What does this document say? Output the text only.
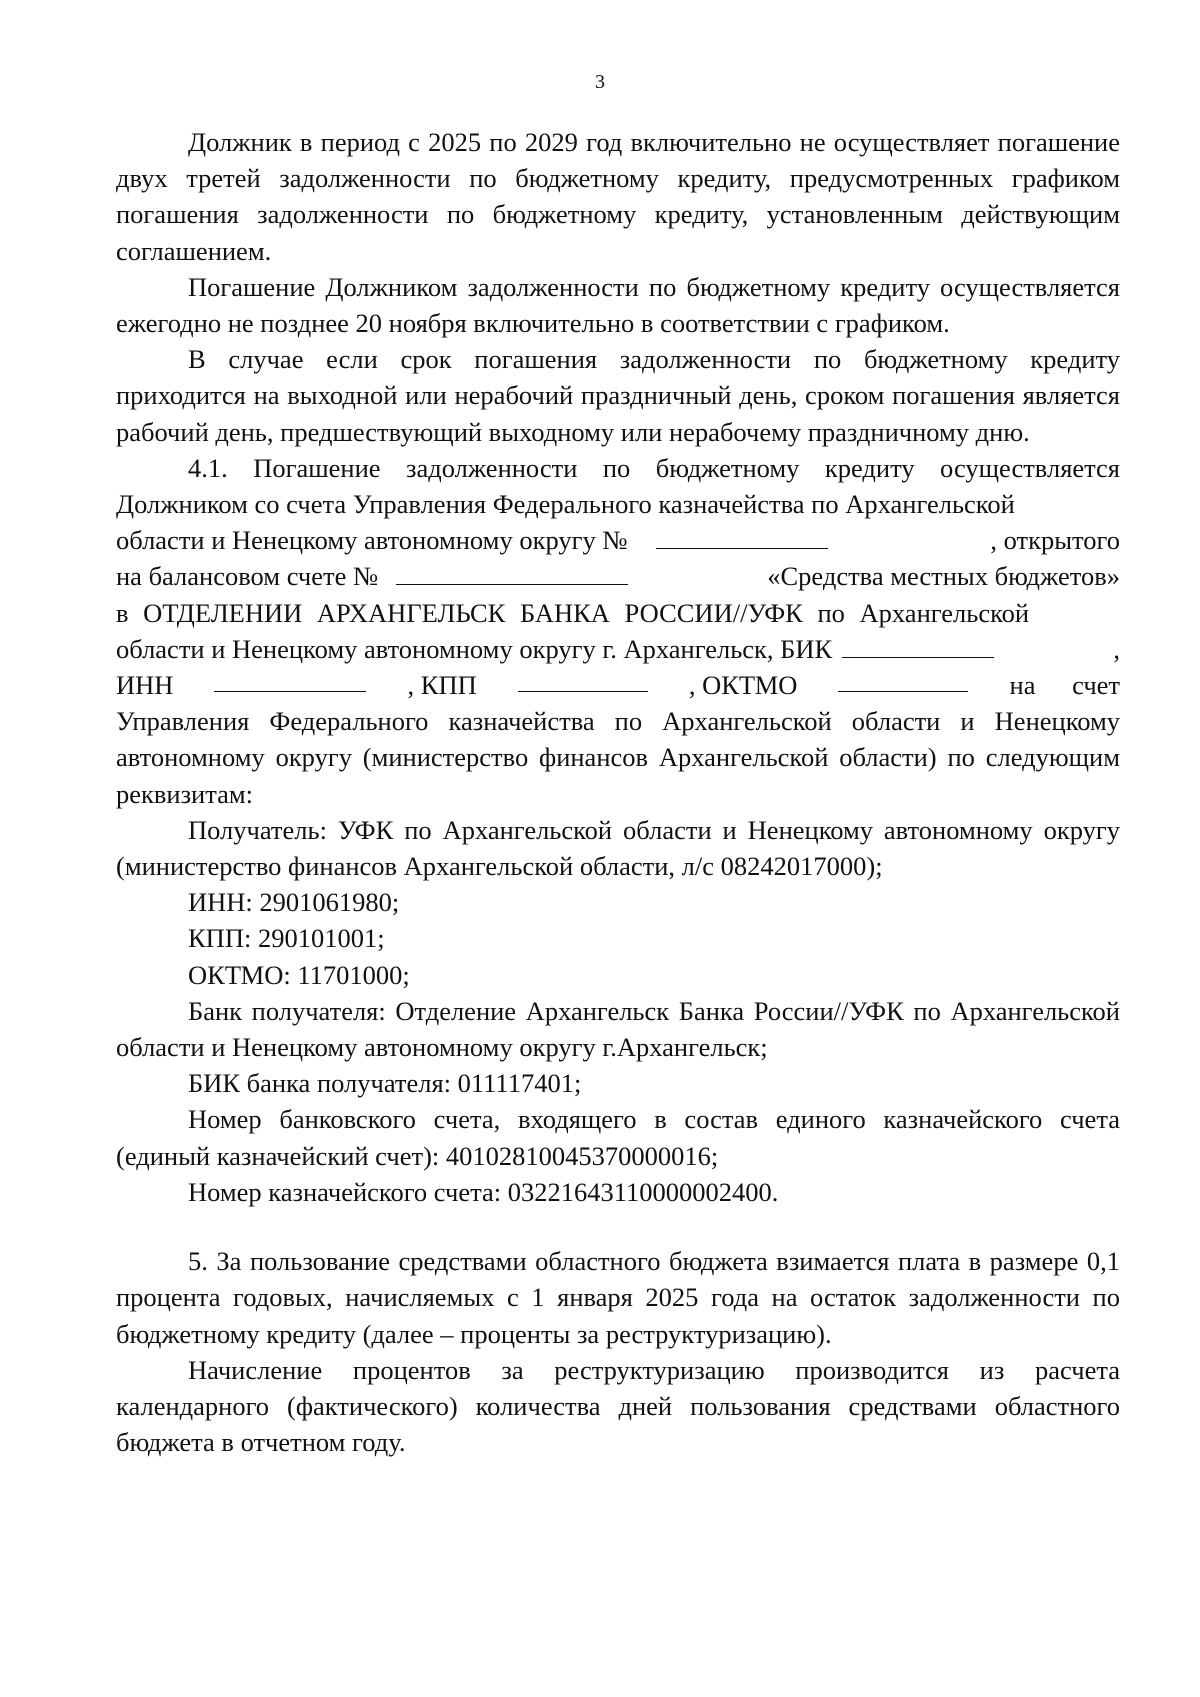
3

Должник в период с 2025 по 2029 год включительно не осуществляет погашение двух третей задолженности по бюджетному кредиту, предусмотренных графиком погашения задолженности по бюджетному кредиту, установленным действующим соглашением.

Погашение Должником задолженности по бюджетному кредиту осуществляется ежегодно не позднее 20 ноября включительно в соответствии с графиком.

В случае если срок погашения задолженности по бюджетному кредиту приходится на выходной или нерабочий праздничный день, сроком погашения является рабочий день, предшествующий выходному или нерабочему праздничному дню.

4.1. Погашение задолженности по бюджетному кредиту осуществляется Должником со счета Управления Федерального казначейства по Архангельской

области и Ненецкому автономному округу №	, открытого
на балансовом счете №	«Средства местных бюджетов»
в ОТДЕЛЕНИИ АРХАНГЕЛЬСК БАНКА РОССИИ//УФК по Архангельской
области и Ненецкому автономному округу г. Архангельск, БИК	,
ИНН	, КПП	, ОКТМО	на счет

Управления Федерального казначейства по Архангельской области и Ненецкому автономному округу (министерство финансов Архангельской области) по следующим реквизитам:

Получатель: УФК по Архангельской области и Ненецкому автономному округу (министерство финансов Архангельской области, л/с 08242017000);

ИНН: 2901061980;

КПП: 290101001;

ОКТМО: 11701000;

Банк получателя: Отделение Архангельск Банка России//УФК по Архангельской области и Ненецкому автономному округу г.Архангельск;

БИК банка получателя: 011117401;

Номер банковского счета, входящего в состав единого казначейского счета (единый казначейский счет): 40102810045370000016;

Номер казначейского счета: 03221643110000002400.

5. За пользование средствами областного бюджета взимается плата в размере 0,1 процента годовых, начисляемых с 1 января 2025 года на остаток задолженности по бюджетному кредиту (далее – проценты за реструктуризацию).

Начисление процентов за реструктуризацию производится из расчета календарного (фактического) количества дней пользования средствами областного бюджета в отчетном году.
